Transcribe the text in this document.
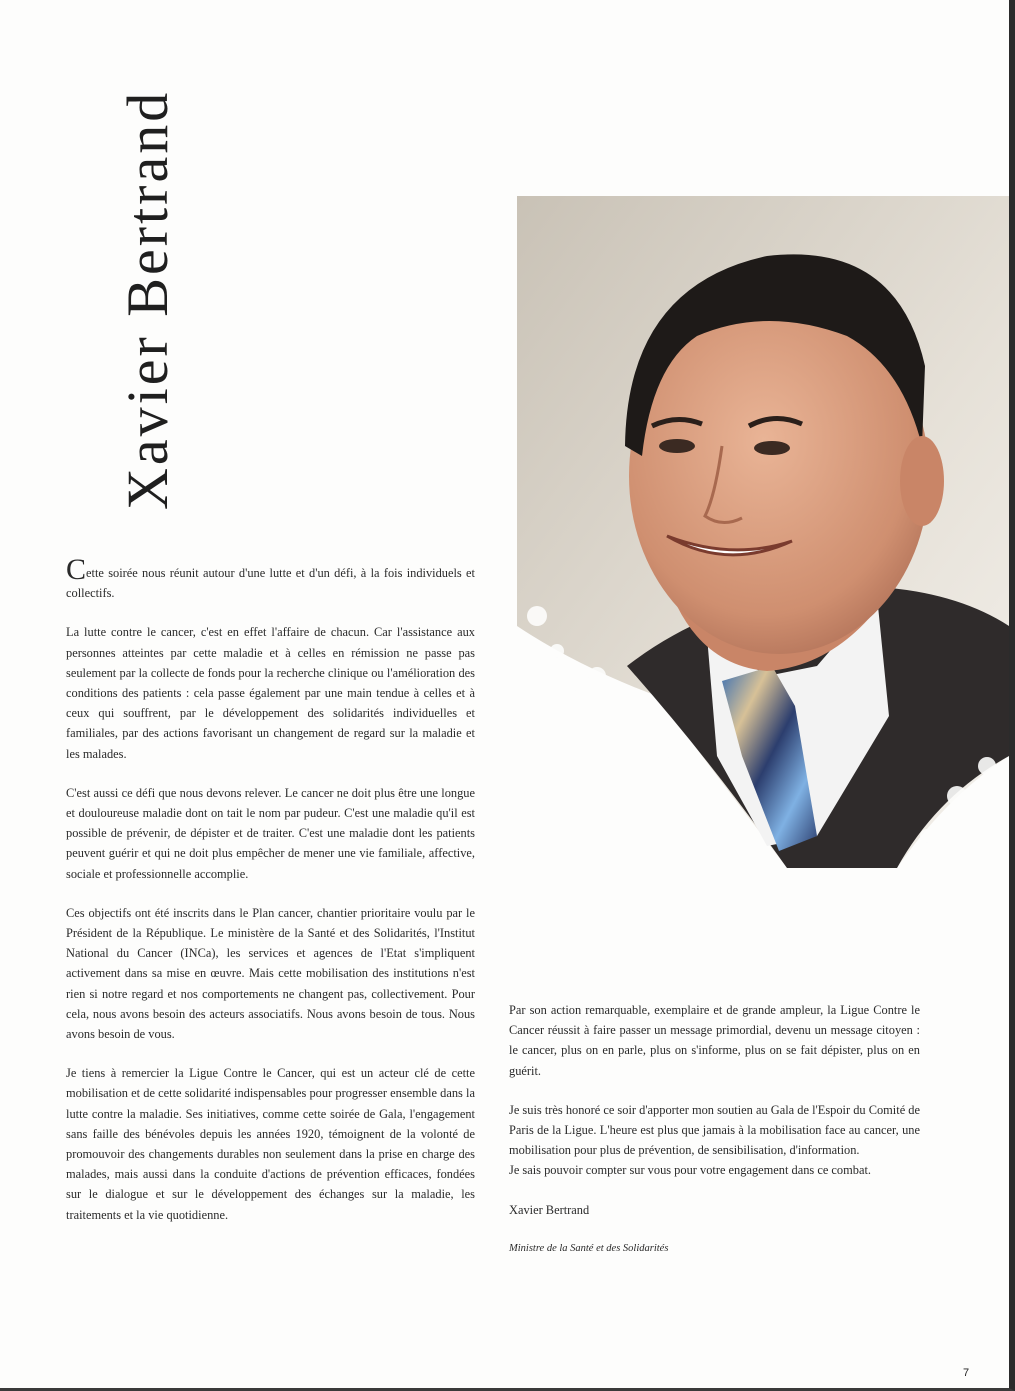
Xavier Bertrand

Cette soirée nous réunit autour d'une lutte et d'un défi, à la fois individuels et collectifs.

La lutte contre le cancer, c'est en effet l'affaire de chacun. Car l'assistance aux personnes atteintes par cette maladie et à celles en rémission ne passe pas seulement par la collecte de fonds pour la recherche clinique ou l'amélioration des conditions des patients : cela passe également par une main tendue à celles et à ceux qui souffrent, par le développement des solidarités individuelles et familiales, par des actions favorisant un changement de regard sur la maladie et les malades.

C'est aussi ce défi que nous devons relever. Le cancer ne doit plus être une longue et douloureuse maladie dont on tait le nom par pudeur. C'est une maladie qu'il est possible de prévenir, de dépister et de traiter. C'est une maladie dont les patients peuvent guérir et qui ne doit plus empêcher de mener une vie familiale, affective, sociale et professionnelle accomplie.

Ces objectifs ont été inscrits dans le Plan cancer, chantier prioritaire voulu par le Président de la République. Le ministère de la Santé et des Solidarités, l'Institut National du Cancer (INCa), les services et agences de l'Etat s'impliquent activement dans sa mise en œuvre. Mais cette mobilisation des institutions n'est rien si notre regard et nos comportements ne changent pas, collectivement. Pour cela, nous avons besoin des acteurs associatifs. Nous avons besoin de tous. Nous avons besoin de vous.

Je tiens à remercier la Ligue Contre le Cancer, qui est un acteur clé de cette mobilisation et de cette solidarité indispensables pour progresser ensemble dans la lutte contre la maladie. Ses initiatives, comme cette soirée de Gala, l'engagement sans faille des bénévoles depuis les années 1920, témoignent de la volonté de promouvoir des changements durables non seulement dans la prise en charge des malades, mais aussi dans la conduite d'actions de prévention efficaces, fondées sur le dialogue et sur le développement des échanges sur la maladie, les traitements et la vie quotidienne.

Par son action remarquable, exemplaire et de grande ampleur, la Ligue Contre le Cancer réussit à faire passer un message primordial, devenu un message citoyen : le cancer, plus on en parle, plus on s'informe, plus on se fait dépister, plus on en guérit.

Je suis très honoré ce soir d'apporter mon soutien au Gala de l'Espoir du Comité de Paris de la Ligue. L'heure est plus que jamais à la mobilisation face au cancer, une mobilisation pour plus de prévention, de sensibilisation, d'information.

Je sais pouvoir compter sur vous pour votre engagement dans ce combat.

Xavier Bertrand

Ministre de la Santé et des Solidarités

7
